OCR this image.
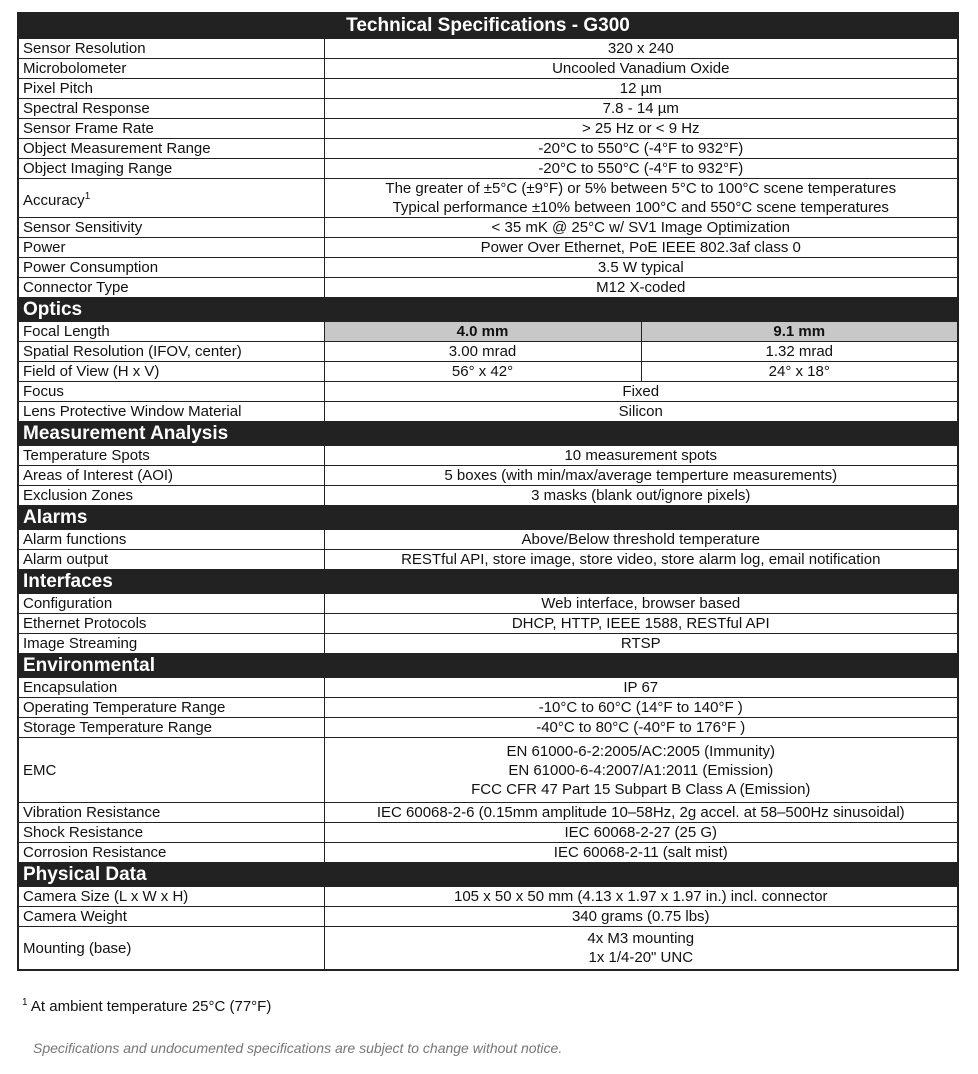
Technical Specifications - G300		
Sensor Resolution	320 x 240	
Microbolometer	Uncooled Vanadium Oxide	
Pixel Pitch	12 µm	
Spectral Response	7.8 - 14 µm	
Sensor Frame Rate	> 25 Hz or < 9 Hz	
Object Measurement Range	-20°C to 550°C (-4°F to 932°F)	
Object Imaging Range	-20°C to 550°C (-4°F to 932°F)	
Accuracy$^1$	The greater of ±5°C (±9°F) or 5% between 5°C to 100°C scene temperatures
Typical performance ±10% between 100°C and 550°C scene temperatures	

Sensor Sensitivity	< 35 mK @ 25°C w/ SV1 Image Optimization	
Power	Power Over Ethernet, PoE IEEE 802.3af class 0	
Power Consumption	3.5 W typical	
Connector Type	M12 X-coded	
Optics		
Focal Length	4.0 mm	9.1 mm
Spatial Resolution (IFOV, center)	3.00 mrad	1.32 mrad
Field of View (H x V)	56° x 42°	24° x 18°
Focus	Fixed	
Lens Protective Window Material	Silicon	
Measurement Analysis		
Temperature Spots	10 measurement spots	
Areas of Interest (AOI)	5 boxes (with min/max/average temperture measurements)	
Exclusion Zones	3 masks (blank out/ignore pixels)	
Alarms		
Alarm functions	Above/Below threshold temperature	
Alarm output	RESTful API, store image, store video, store alarm log, email notification	
Interfaces		
Configuration	Web interface, browser based	
Ethernet Protocols	DHCP, HTTP, IEEE 1588, RESTful API	
Image Streaming	RTSP	
Environmental		
Encapsulation	IP 67	
Operating Temperature Range	-10°C to 60°C (14°F to 140°F )	
Storage Temperature Range	-40°C to 80°C (-40°F to 176°F )	
EMC	EN 61000-6-2:2005/AC:2005 (Immunity)
EN 61000-6-4:2007/A1:2011 (Emission)
FCC CFR 47 Part 15 Subpart B Class A (Emission)	

Vibration Resistance	IEC 60068-2-6 (0.15mm amplitude 10–58Hz, 2g accel. at 58–500Hz sinusoidal)	
Shock Resistance	IEC 60068-2-27 (25 G)	
Corrosion Resistance	IEC 60068-2-11 (salt mist)	
Physical Data		
Camera Size (L x W x H)	105 x 50 x 50 mm (4.13 x 1.97 x 1.97 in.) incl. connector	
Camera Weight	340 grams (0.75 lbs)	
Mounting (base)	4x M3 mounting
1x 1/4-20" UNC	
$^1$ At ambient temperature 25°C (77°F)
Specifications and undocumented specifications are subject to change without notice.
